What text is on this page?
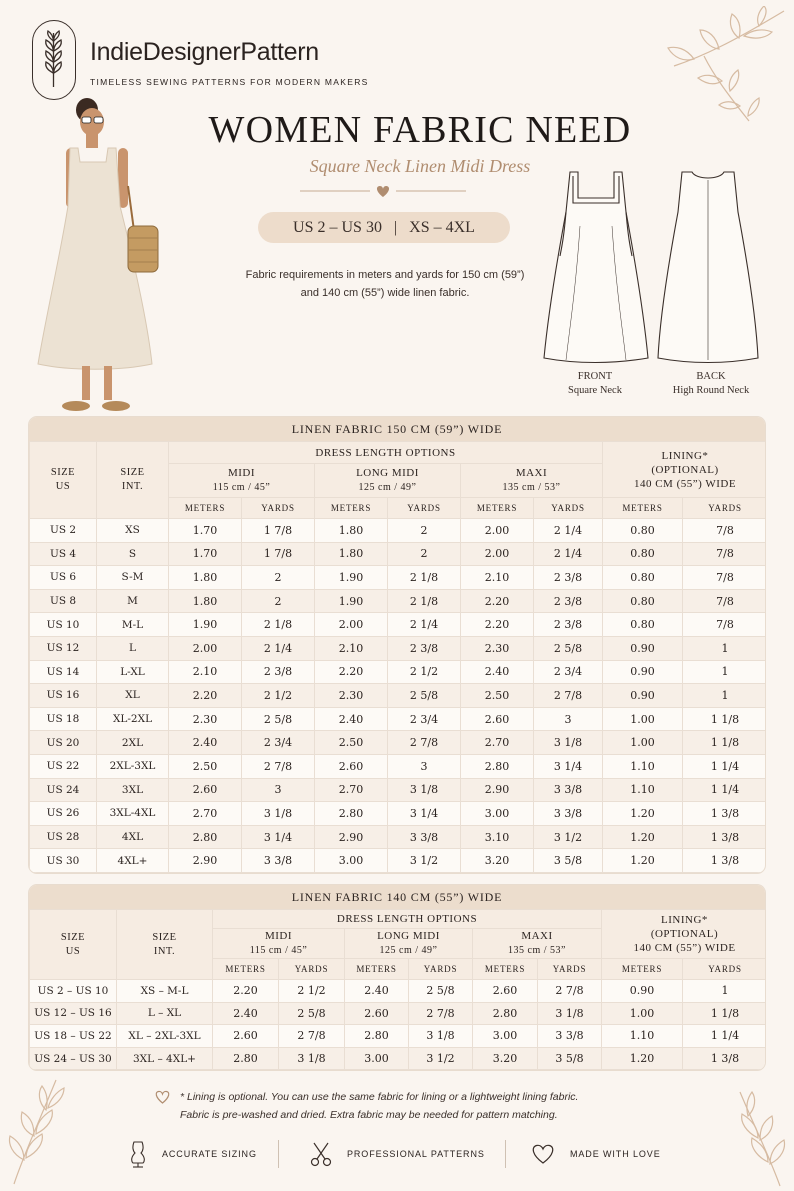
IndieDesignerPattern
TIMELESS SEWING PATTERNS FOR MODERN MAKERS
WOMEN FABRIC NEED
Square Neck Linen Midi Dress
US 2 – US 30   |   XS – 4XL
Fabric requirements in meters and yards for 150 cm (59”)
and 140 cm (55”) wide linen fabric.
FRONT
Square Neck
BACK
High Round Neck
LINEN FABRIC 150 CM (59”) WIDE
SIZE
US	SIZE
INT.	DRESS LENGTH OPTIONS						LINING*
(OPTIONAL)
140 CM (55”) WIDE	
		MIDI
115 cm / 45”		LONG MIDI
125 cm / 49”		MAXI
135 cm / 53”			
		METERS	YARDS	METERS	YARDS	METERS	YARDS	METERS	YARDS
US 2	XS	1.70	1 7/8	1.80	2	2.00	2 1/4	0.80	7/8
US 4	S	1.70	1 7/8	1.80	2	2.00	2 1/4	0.80	7/8
US 6	S-M	1.80	2	1.90	2 1/8	2.10	2 3/8	0.80	7/8
US 8	M	1.80	2	1.90	2 1/8	2.20	2 3/8	0.80	7/8
US 10	M-L	1.90	2 1/8	2.00	2 1/4	2.20	2 3/8	0.80	7/8
US 12	L	2.00	2 1/4	2.10	2 3/8	2.30	2 5/8	0.90	1
US 14	L-XL	2.10	2 3/8	2.20	2 1/2	2.40	2 3/4	0.90	1
US 16	XL	2.20	2 1/2	2.30	2 5/8	2.50	2 7/8	0.90	1
US 18	XL-2XL	2.30	2 5/8	2.40	2 3/4	2.60	3	1.00	1 1/8
US 20	2XL	2.40	2 3/4	2.50	2 7/8	2.70	3 1/8	1.00	1 1/8
US 22	2XL-3XL	2.50	2 7/8	2.60	3	2.80	3 1/4	1.10	1 1/4
US 24	3XL	2.60	3	2.70	3 1/8	2.90	3 3/8	1.10	1 1/4
US 26	3XL-4XL	2.70	3 1/8	2.80	3 1/4	3.00	3 3/8	1.20	1 3/8
US 28	4XL	2.80	3 1/4	2.90	3 3/8	3.10	3 1/2	1.20	1 3/8
US 30	4XL+	2.90	3 3/8	3.00	3 1/2	3.20	3 5/8	1.20	1 3/8
LINEN FABRIC 140 CM (55”) WIDE
SIZE
US	SIZE
INT.	DRESS LENGTH OPTIONS						LINING*
(OPTIONAL)
140 CM (55”) WIDE	
		MIDI
115 cm / 45”		LONG MIDI
125 cm / 49”		MAXI
135 cm / 53”			
		METERS	YARDS	METERS	YARDS	METERS	YARDS	METERS	YARDS
US 2 – US 10	XS – M-L	2.20	2 1/2	2.40	2 5/8	2.60	2 7/8	0.90	1
US 12 – US 16	L – XL	2.40	2 5/8	2.60	2 7/8	2.80	3 1/8	1.00	1 1/8
US 18 – US 22	XL – 2XL-3XL	2.60	2 7/8	2.80	3 1/8	3.00	3 3/8	1.10	1 1/4
US 24 – US 30	3XL – 4XL+	2.80	3 1/8	3.00	3 1/2	3.20	3 5/8	1.20	1 3/8
* Lining is optional. You can use the same fabric for lining or a lightweight lining fabric.
Fabric is pre-washed and dried. Extra fabric may be needed for pattern matching.
ACCURATE SIZING	PROFESSIONAL PATTERNS	MADE WITH LOVE
